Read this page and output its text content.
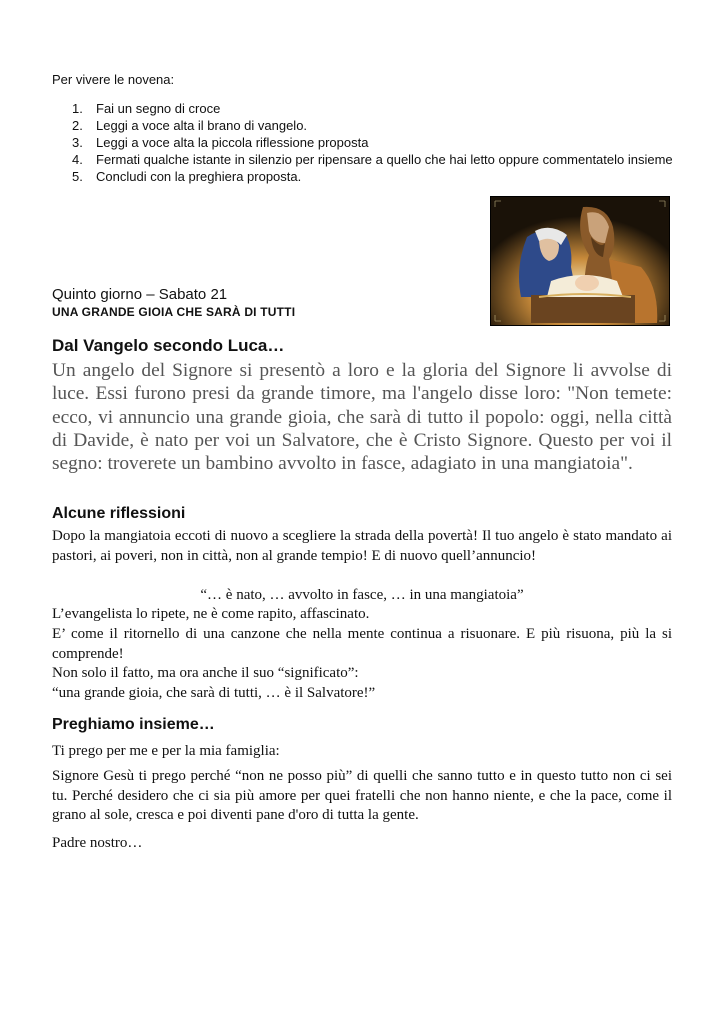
Per vivere le novena:
1. Fai un segno di croce
2. Leggi a voce alta il brano di vangelo.
3. Leggi a voce alta la piccola riflessione proposta
4. Fermati qualche istante in silenzio per ripensare a quello che hai letto oppure commentatelo insieme
5. Concludi con la preghiera proposta.
Quinto giorno – Sabato 21
UNA GRANDE GIOIA CHE SARÀ DI TUTTI
Dal Vangelo secondo Luca…
Un angelo del Signore si presentò a loro e la gloria del Signore li avvolse di luce. Essi furono presi da grande timore, ma l'angelo disse loro: "Non temete: ecco, vi annuncio una grande gioia, che sarà di tutto il popolo: oggi, nella città di Davide, è nato per voi un Salvatore, che è Cristo Signore. Questo per voi il segno: troverete un bambino avvolto in fasce, adagiato in una mangiatoia".
Alcune riflessioni
Dopo la mangiatoia eccoti di nuovo a scegliere la strada della povertà! Il tuo angelo è stato mandato ai pastori, ai poveri, non in città, non al grande tempio! E di nuovo quell’annuncio!
“… è nato, … avvolto in fasce, … in una mangiatoia”
L’evangelista lo ripete, ne è come rapito, affascinato.
E’ come il ritornello di una canzone che nella mente continua a risuonare. E più risuona, più la si comprende!
Non solo il fatto, ma ora anche il suo “significato”:
“una grande gioia, che sarà di tutti, … è il Salvatore!”
Preghiamo insieme…
Ti prego per me e per la mia famiglia:
Signore Gesù ti prego perché “non ne posso più” di quelli che sanno tutto e in questo tutto non ci sei tu. Perché desidero che ci sia più amore per quei fratelli che non hanno niente, e che la pace, come il grano al sole, cresca e poi diventi pane d'oro di tutta la gente.
Padre nostro…
